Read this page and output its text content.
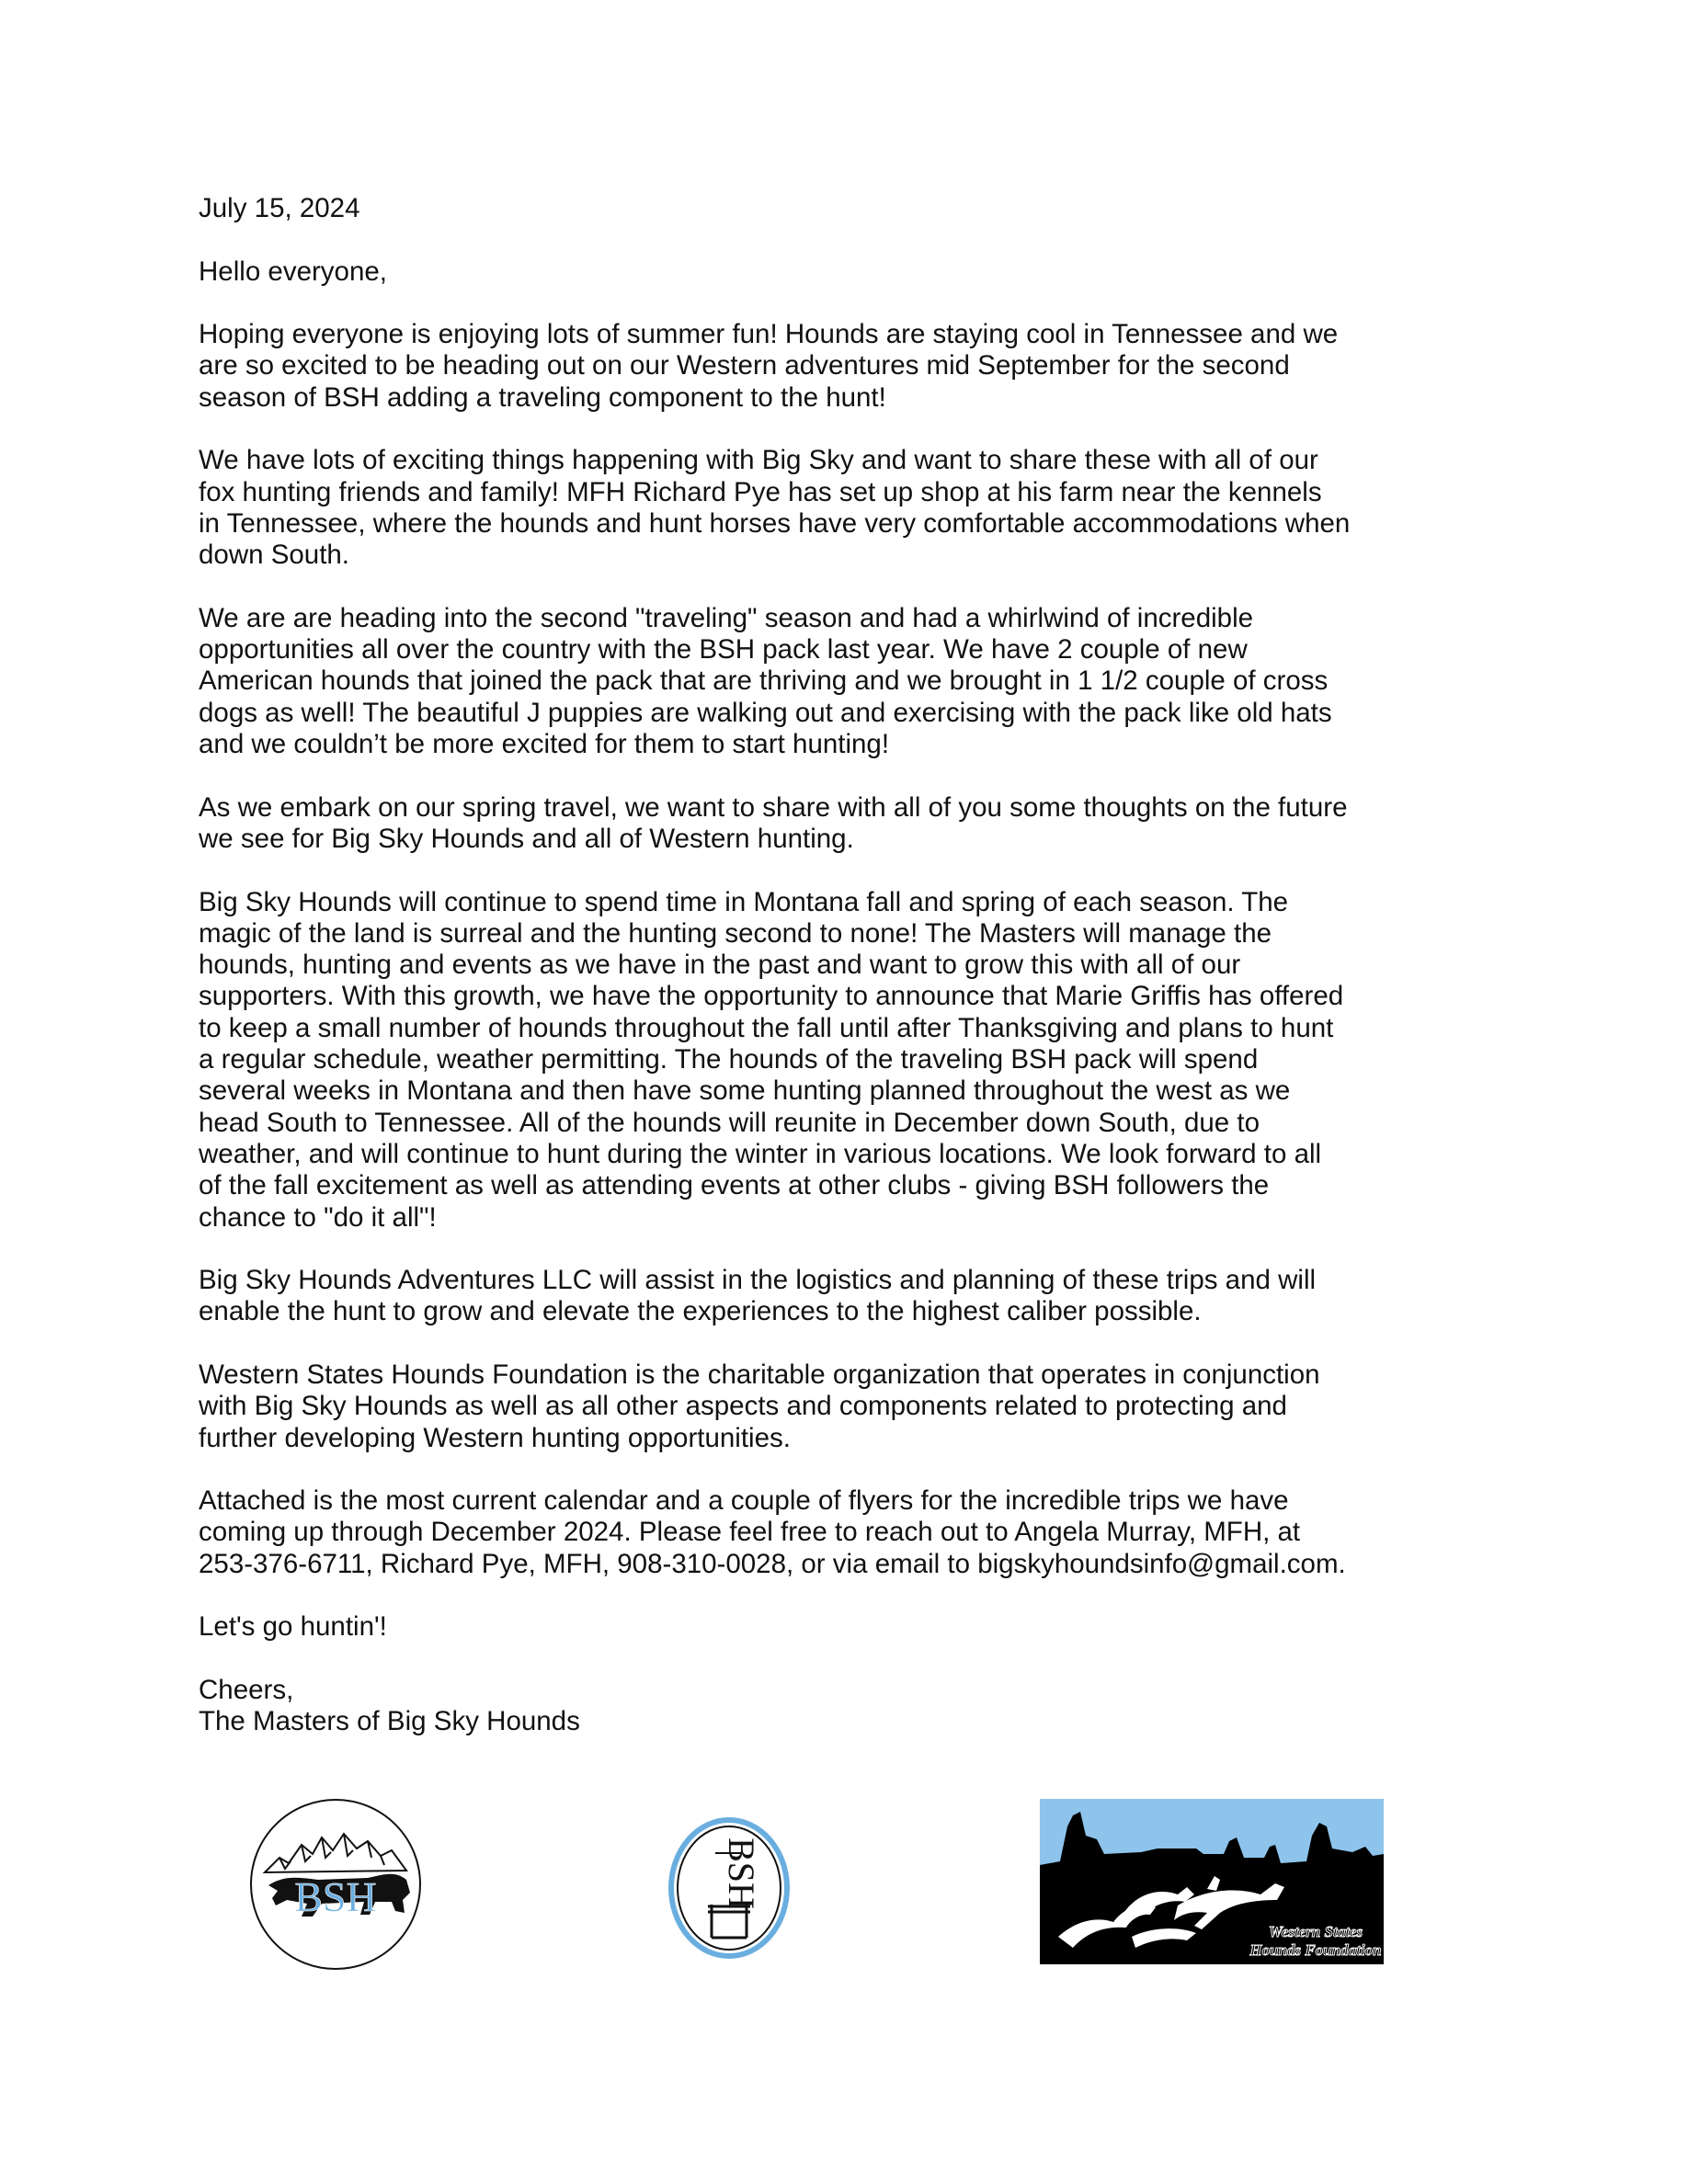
July 15, 2024

Hello everyone,

Hoping everyone is enjoying lots of summer fun! Hounds are staying cool in Tennessee and we
are so excited to be heading out on our Western adventures mid September for the second
season of BSH adding a traveling component to the hunt!

We have lots of exciting things happening with Big Sky and want to share these with all of our
fox hunting friends and family! MFH Richard Pye has set up shop at his farm near the kennels
in Tennessee, where the hounds and hunt horses have very comfortable accommodations when
down South.

We are are heading into the second "traveling" season and had a whirlwind of incredible
opportunities all over the country with the BSH pack last year. We have 2 couple of new
American hounds that joined the pack that are thriving and we brought in 1 1/2 couple of cross
dogs as well! The beautiful J puppies are walking out and exercising with the pack like old hats
and we couldn’t be more excited for them to start hunting!

As we embark on our spring travel, we want to share with all of you some thoughts on the future
we see for Big Sky Hounds and all of Western hunting.

Big Sky Hounds will continue to spend time in Montana fall and spring of each season. The
magic of the land is surreal and the hunting second to none! The Masters will manage the
hounds, hunting and events as we have in the past and want to grow this with all of our
supporters. With this growth, we have the opportunity to announce that Marie Griffis has offered
to keep a small number of hounds throughout the fall until after Thanksgiving and plans to hunt
a regular schedule, weather permitting. The hounds of the traveling BSH pack will spend
several weeks in Montana and then have some hunting planned throughout the west as we
head South to Tennessee. All of the hounds will reunite in December down South, due to
weather, and will continue to hunt during the winter in various locations. We look forward to all
of the fall excitement as well as attending events at other clubs - giving BSH followers the
chance to "do it all"!

Big Sky Hounds Adventures LLC will assist in the logistics and planning of these trips and will
enable the hunt to grow and elevate the experiences to the highest caliber possible.

Western States Hounds Foundation is the charitable organization that operates in conjunction
with Big Sky Hounds as well as all other aspects and components related to protecting and
further developing Western hunting opportunities.

Attached is the most current calendar and a couple of flyers for the incredible trips we have
coming up through December 2024. Please feel free to reach out to Angela Murray, MFH, at
253-376-6711, Richard Pye, MFH, 908-310-0028, or via email to bigskyhoundsinfo@gmail.com.

Let's go huntin'!

Cheers,

The Masters of Big Sky Hounds

BSH	BSH
Western States
Hounds Foundation
